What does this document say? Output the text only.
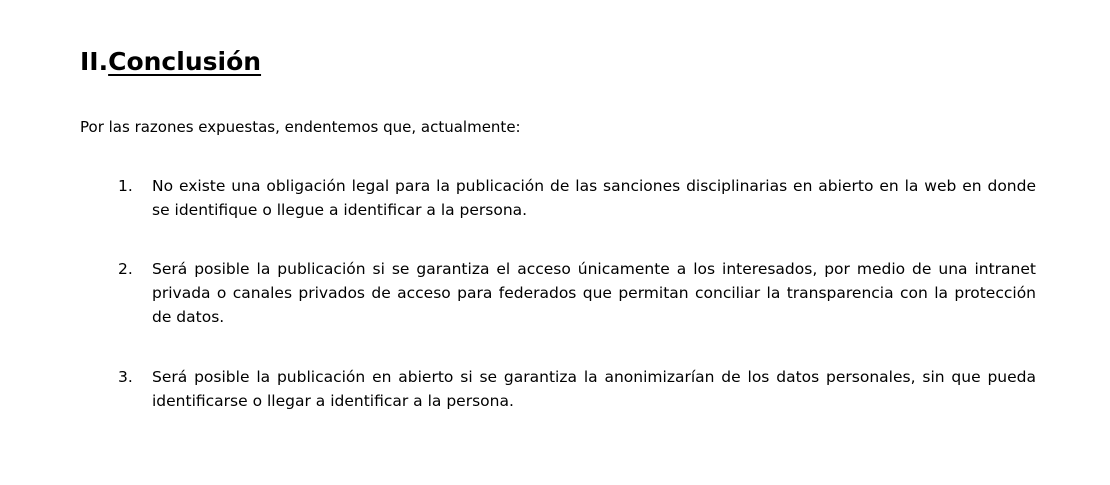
II.Conclusión

Por las razones expuestas, endentemos que, actualmente:

1. No existe una obligación legal para la publicación de las sanciones disciplinarias en abierto en la web en donde se identifique o llegue a identificar a la persona.
2. Será posible la publicación si se garantiza el acceso únicamente a los interesados, por medio de una intranet privada o canales privados de acceso para federados que permitan conciliar la transparencia con la protección de datos.
3. Será posible la publicación en abierto si se garantiza la anonimizarían de los datos personales, sin que pueda identificarse o llegar a identificar a la persona.
